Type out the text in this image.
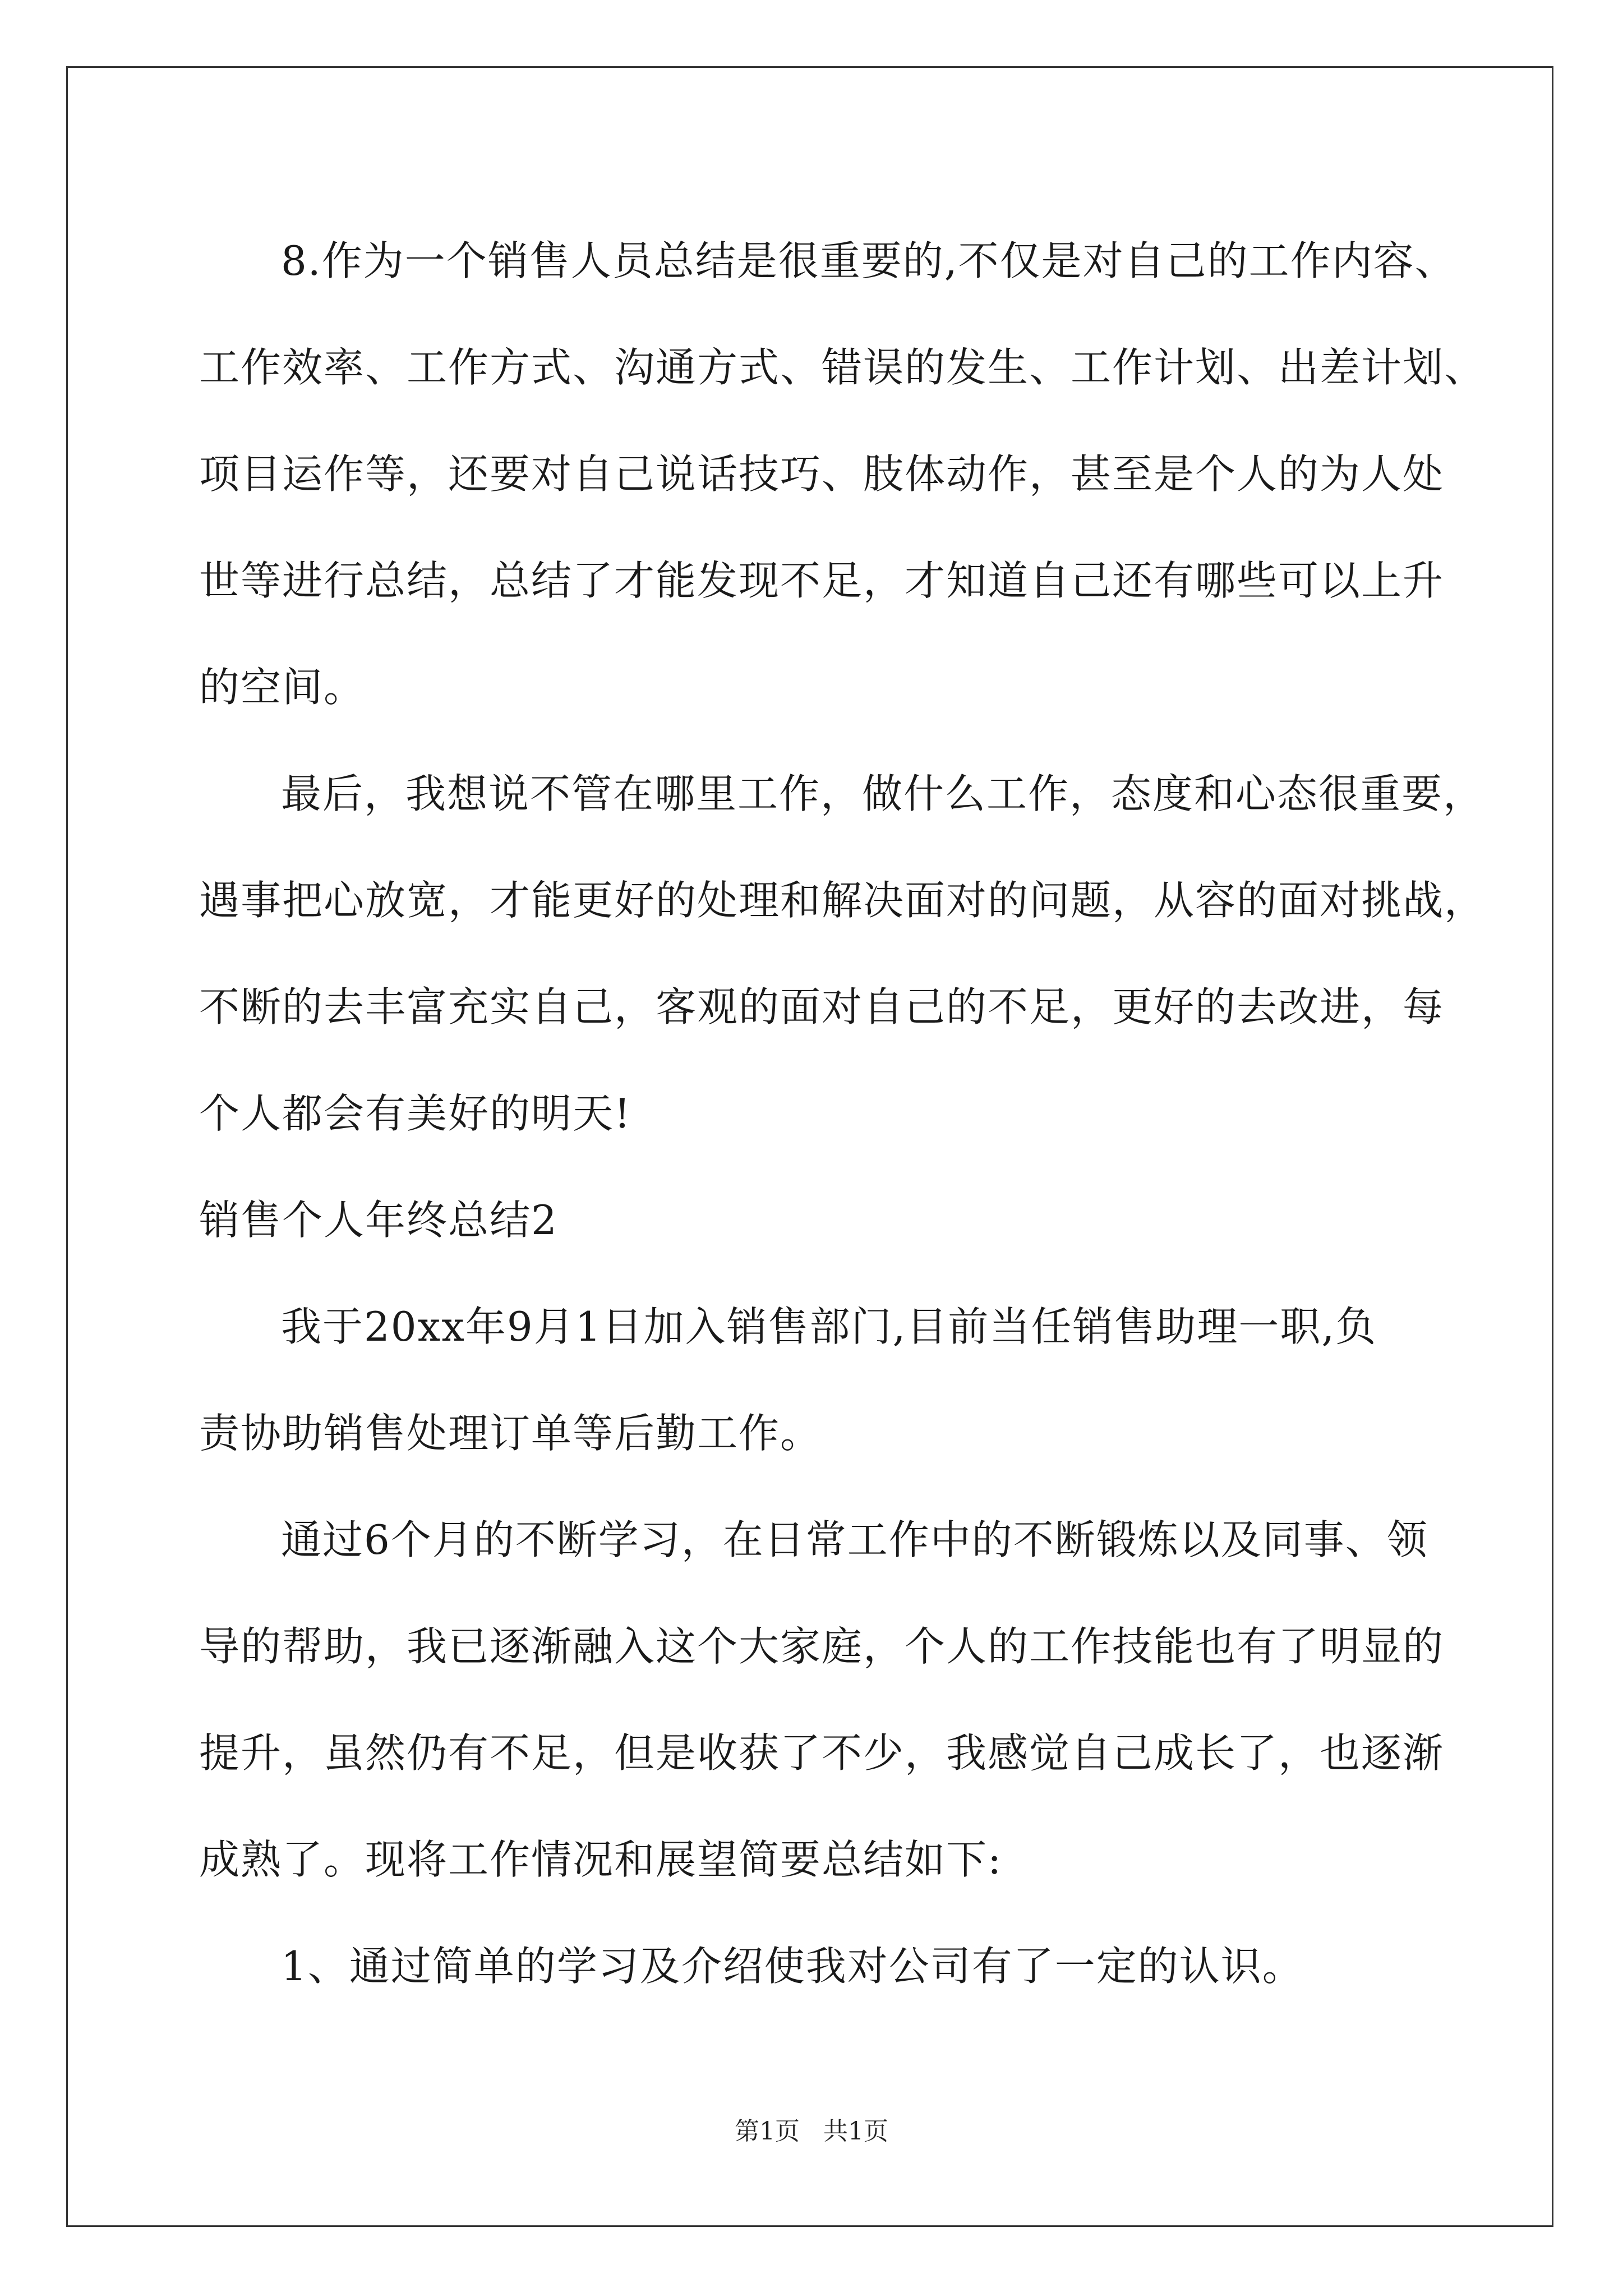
8.作为一个销售人员总结是很重要的,不仅是对自己的工作内容、
工作效率、工作方式、沟通方式、错误的发生、工作计划、出差计划、
项目运作等，还要对自己说话技巧、肢体动作，甚至是个人的为人处
世等进行总结，总结了才能发现不足，才知道自己还有哪些可以上升
的空间。
最后，我想说不管在哪里工作，做什么工作，态度和心态很重要，
遇事把心放宽，才能更好的处理和解决面对的问题，从容的面对挑战，
不断的去丰富充实自己，客观的面对自己的不足，更好的去改进，每
个人都会有美好的明天!
销售个人年终总结2
我于20xx年9月1日加入销售部门,目前当任销售助理一职,负
责协助销售处理订单等后勤工作。
通过6个月的不断学习，在日常工作中的不断锻炼以及同事、领
导的帮助，我已逐渐融入这个大家庭，个人的工作技能也有了明显的
提升，虽然仍有不足，但是收获了不少，我感觉自己成长了，也逐渐
成熟了。现将工作情况和展望简要总结如下:
1、通过简单的学习及介绍使我对公司有了一定的认识。
第1页   共1页
